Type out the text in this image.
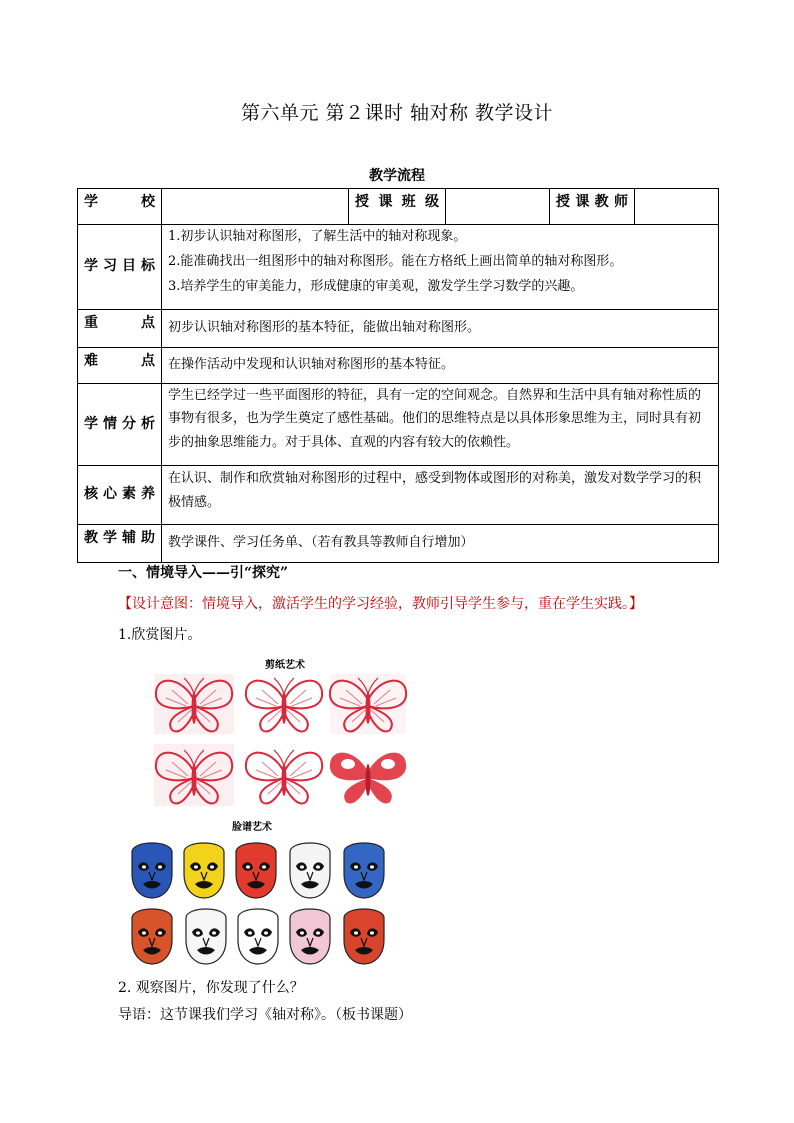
第六单元 第２课时 轴对称 教学设计
教学流程
学　校		授课班级		授课教师	
学习目标	1.初步认识轴对称图形，了解生活中的轴对称现象。
2.能准确找出一组图形中的轴对称图形。能在方格纸上画出简单的轴对称图形。
3.培养学生的审美能力，形成健康的审美观，激发学生学习数学的兴趣。				

重　点	初步认识轴对称图形的基本特征，能做出轴对称图形。				
难　点	在操作活动中发现和认识轴对称图形的基本特征。				
学情分析	学生已经学过一些平面图形的特征，具有一定的空间观念。自然界和生活中具有轴对称性质的事物有很多，也为学生奠定了感性基础。他们的思维特点是以具体形象思维为主，同时具有初步的抽象思维能力。对于具体、直观的内容有较大的依赖性。				
核心素养	在认识、制作和欣赏轴对称图形的过程中，感受到物体或图形的对称美，激发对数学学习的积极情感。				
教学辅助	教学课件、学习任务单、（若有教具等教师自行增加）				
一、情境导入——引“探究”
【设计意图：情境导入，激活学生的学习经验，教师引导学生参与，重在学生实践。】
1.欣赏图片。
剪纸艺术
脸谱艺术
2. 观察图片，你发现了什么？
导语：这节课我们学习《轴对称》。（板书课题）
